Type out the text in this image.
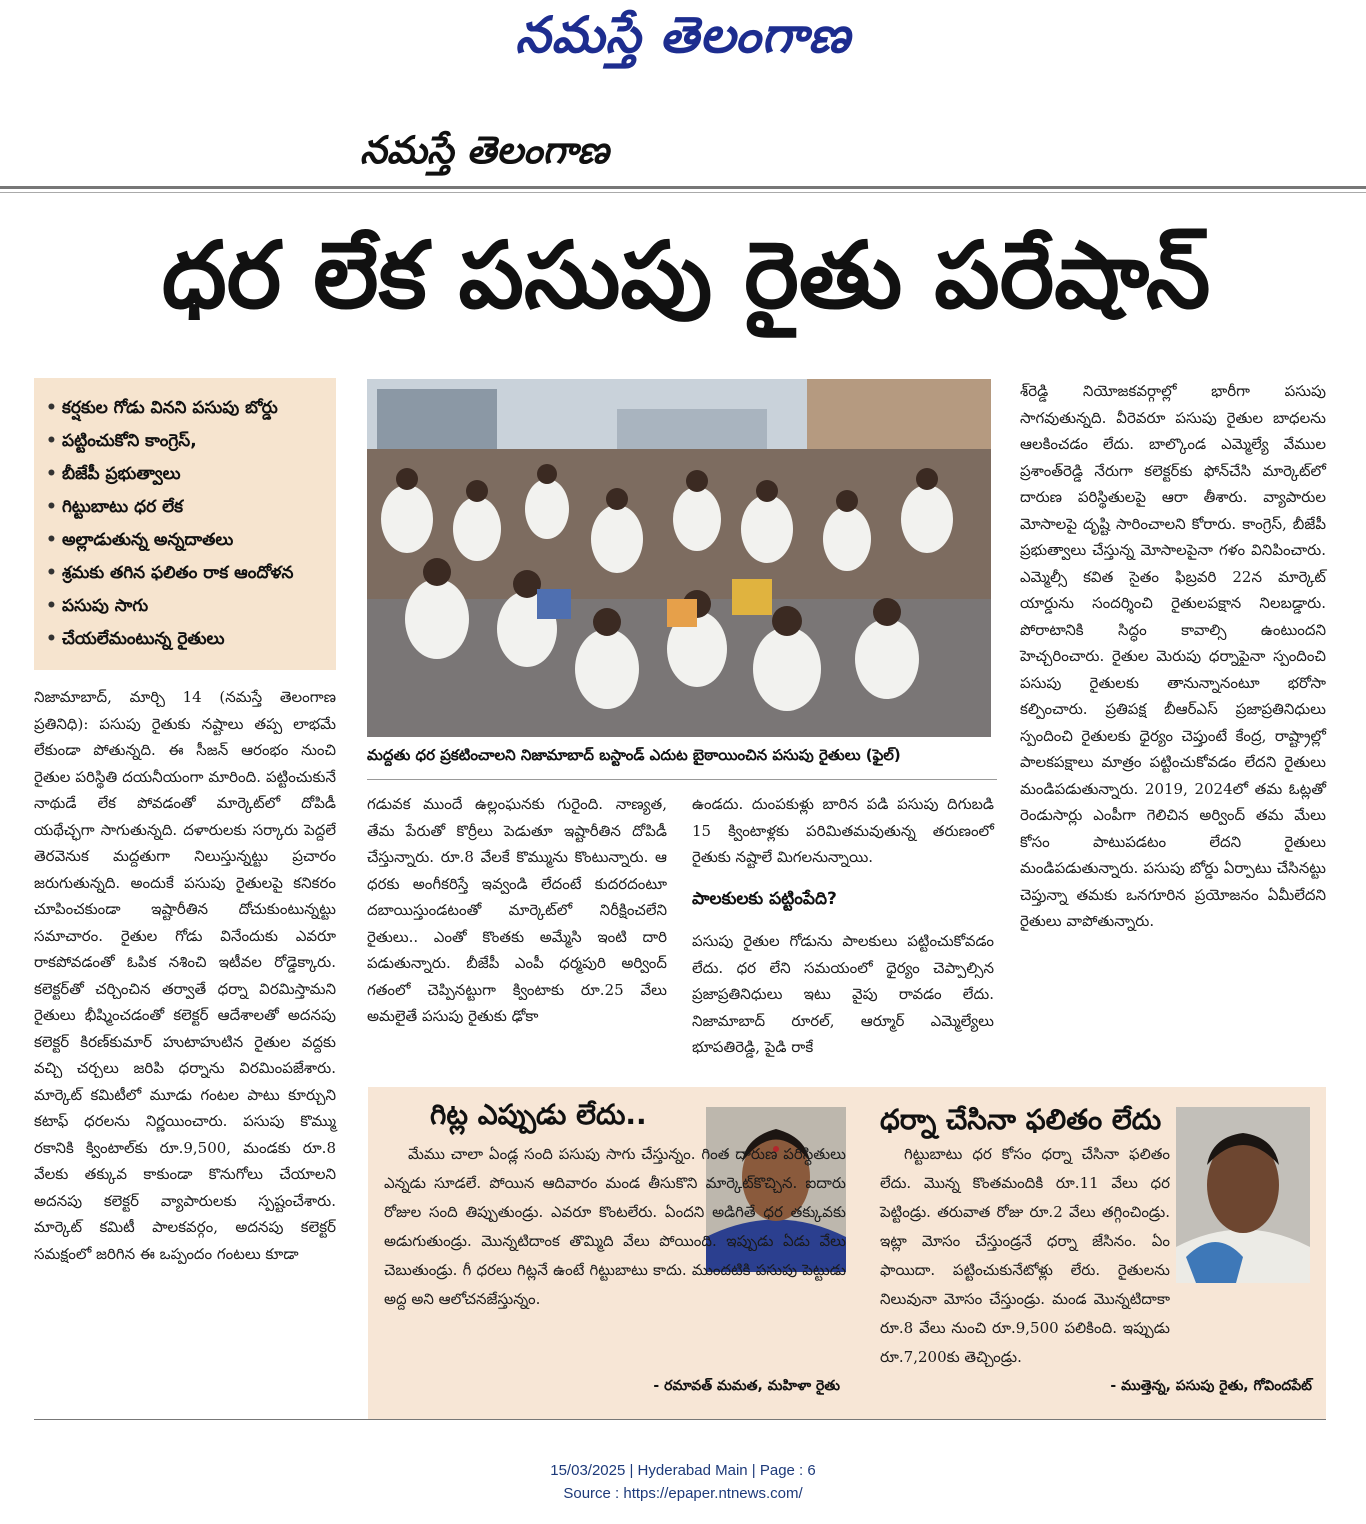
నమస్తే తెలంగాణ
నమస్తే తెలంగాణ
ధర లేక పసుపు రైతు పరేషాన్
• కర్షకుల గోడు వినని పసుపు బోర్డు
• పట్టించుకోని కాంగ్రెస్,
• బీజేపీ ప్రభుత్వాలు
• గిట్టుబాటు ధర లేక
• అల్లాడుతున్న అన్నదాతలు
• శ్రమకు తగిన ఫలితం రాక ఆందోళన
• పసుపు సాగు
• చేయలేమంటున్న రైతులు
నిజామాబాద్, మార్చి 14 (నమస్తే తెలంగాణ ప్రతినిధి): పసుపు రైతుకు నష్టాలు తప్ప లాభమే లేకుండా పోతున్నది. ఈ సీజన్ ఆరంభం నుంచి రైతుల పరిస్థితి దయనీయంగా మారింది. పట్టించుకునే నాథుడే లేక పోవడంతో మార్కెట్‌లో దోపిడీ యథేచ్ఛగా సాగుతున్నది. దళారులకు సర్కారు పెద్దలే తెరవెనుక మద్దతుగా నిలుస్తున్నట్టు ప్రచారం జరుగుతున్నది. అందుకే పసుపు రైతులపై కనికరం చూపించకుండా ఇష్టారీతిన దోచుకుంటున్నట్టు సమాచారం. రైతుల గోడు వినేందుకు ఎవరూ రాకపోవడంతో ఓపిక నశించి ఇటీవల రోడ్డెక్కారు. కలెక్టర్‌తో చర్చించిన తర్వాతే ధర్నా విరమిస్తామని రైతులు భీష్మించడంతో కలెక్టర్ ఆదేశాలతో అదనపు కలెక్టర్ కిరణ్‌కుమార్ హుటాహుటిన రైతుల వద్దకు వచ్చి చర్చలు జరిపి ధర్నాను విరమింపజేశారు. మార్కెట్ కమిటీలో మూడు గంటల పాటు కూర్చుని కటాఫ్ ధరలను నిర్ణయించారు. పసుపు కొమ్ము రకానికి క్వింటాల్‌కు రూ.9,500, మండకు రూ.8 వేలకు తక్కువ కాకుండా కొనుగోలు చేయాలని అదనపు కలెక్టర్ వ్యాపారులకు స్పష్టంచేశారు. మార్కెట్ కమిటీ పాలకవర్గం, అదనపు కలెక్టర్ సమక్షంలో జరిగిన ఈ ఒప్పందం గంటలు కూడా
మద్దతు ధర ప్రకటించాలని నిజామాబాద్ బస్టాండ్ ఎదుట బైఠాయించిన పసుపు రైతులు (ఫైల్)
గడువక ముందే ఉల్లంఘనకు గురైంది. నాణ్యత, తేమ పేరుతో కొర్రీలు పెడుతూ ఇష్టారీతిన దోపిడీ చేస్తున్నారు. రూ.8 వేలకే కొమ్మును కొంటున్నారు. ఆ ధరకు అంగీకరిస్తే ఇవ్వండి లేదంటే కుదరదంటూ దబాయిస్తుండటంతో మార్కెట్‌లో నిరీక్షించలేని రైతులు.. ఎంతో కొంతకు అమ్మేసి ఇంటి దారి పడుతున్నారు. బీజేపీ ఎంపీ ధర్మపురి అర్వింద్ గతంలో చెప్పినట్టుగా క్వింటాకు రూ.25 వేలు అమలైతే పసుపు రైతుకు ఢోకా
ఉండదు. దుంపకుళ్లు బారిన పడి పసుపు దిగుబడి 15 క్వింటాళ్లకు పరిమితమవుతున్న తరుణంలో రైతుకు నష్టాలే మిగలనున్నాయి.
పాలకులకు పట్టింపేది?
పసుపు రైతుల గోడును పాలకులు పట్టించుకోవడం లేదు. ధర లేని సమయంలో ధైర్యం చెప్పాల్సిన ప్రజాప్రతినిధులు ఇటు వైపు రావడం లేదు. నిజామాబాద్ రూరల్, ఆర్మూర్ ఎమ్మెల్యేలు భూపతిరెడ్డి, పైడి రాకే
శ్‌రెడ్డి నియోజకవర్గాల్లో భారీగా పసుపు సాగవుతున్నది. వీరెవరూ పసుపు రైతుల బాధలను ఆలకించడం లేదు. బాల్కొండ ఎమ్మెల్యే వేముల ప్రశాంత్‌రెడ్డి నేరుగా కలెక్టర్‌కు ఫోన్‌చేసి మార్కెట్‌లో దారుణ పరిస్థితులపై ఆరా తీశారు. వ్యాపారుల మోసాలపై దృష్టి సారించాలని కోరారు. కాంగ్రెస్, బీజేపీ ప్రభుత్వాలు చేస్తున్న మోసాలపైనా గళం వినిపించారు. ఎమ్మెల్సీ కవిత సైతం ఫిబ్రవరి 22న మార్కెట్ యార్డును సందర్శించి రైతులపక్షాన నిలబడ్డారు. పోరాటానికి సిద్ధం కావాల్సి ఉంటుందని హెచ్చరించారు. రైతుల మెరుపు ధర్నాపైనా స్పందించి పసుపు రైతులకు తానున్నానంటూ భరోసా కల్పించారు. ప్రతిపక్ష బీఆర్‌ఎస్ ప్రజాప్రతినిధులు స్పందించి రైతులకు ధైర్యం చెప్తుంటే కేంద్ర, రాష్ట్రాల్లో పాలకపక్షాలు మాత్రం పట్టించుకోవడం లేదని రైతులు మండిపడుతున్నారు. 2019, 2024లో తమ ఓట్లతో రెండుసార్లు ఎంపీగా గెలిచిన అర్వింద్ తమ మేలు కోసం పాటుపడటం లేదని రైతులు మండిపడుతున్నారు. పసుపు బోర్డు ఏర్పాటు చేసినట్టు చెప్తున్నా తమకు ఒనగూరిన ప్రయోజనం ఏమీలేదని రైతులు వాపోతున్నారు.
గిట్ల ఎప్పుడు లేదు..
మేము చాలా ఏండ్ల సంది పసుపు సాగు చేస్తున్నం. గింత దారుణ పరిస్థితులు ఎన్నడు సూడలే. పోయిన ఆదివారం మండ తీసుకొని మార్కెట్‌కొచ్చిన. ఐదారు రోజుల సంది తిప్పుతుండ్రు. ఎవరూ కొంటలేరు. ఏందని అడిగితే ధర తక్కువకు అడుగుతుండ్రు. మొన్నటిదాంక తొమ్మిది వేలు పోయింది. ఇప్పుడు ఏడు వేలు చెబుతుండ్రు. గీ ధరలు గిట్లనే ఉంటే గిట్టుబాటు కాదు. ముందటికి పసుపు పెట్టుడు అద్ద అని ఆలోచనజేస్తున్నం.
- రమావత్ మమత, మహిళా రైతు
ధర్నా చేసినా ఫలితం లేదు
గిట్టుబాటు ధర కోసం ధర్నా చేసినా ఫలితం లేదు. మొన్న కొంతమందికి రూ.11 వేలు ధర పెట్టిండ్రు. తరువాత రోజు రూ.2 వేలు తగ్గించిండ్రు. ఇట్లా మోసం చేస్తుండ్రనే ధర్నా జేసినం. ఏం ఫాయిదా. పట్టించుకునేటోళ్లు లేరు. రైతులను నిలువునా మోసం చేస్తుండ్రు. మండ మొన్నటిదాకా రూ.8 వేలు నుంచి రూ.9,500 పలికింది. ఇప్పుడు రూ.7,200కు తెచ్చిండ్రు.
- ముత్తెన్న, పసుపు రైతు, గోవిందపేట్
15/03/2025 | Hyderabad Main | Page : 6
Source : https://epaper.ntnews.com/
